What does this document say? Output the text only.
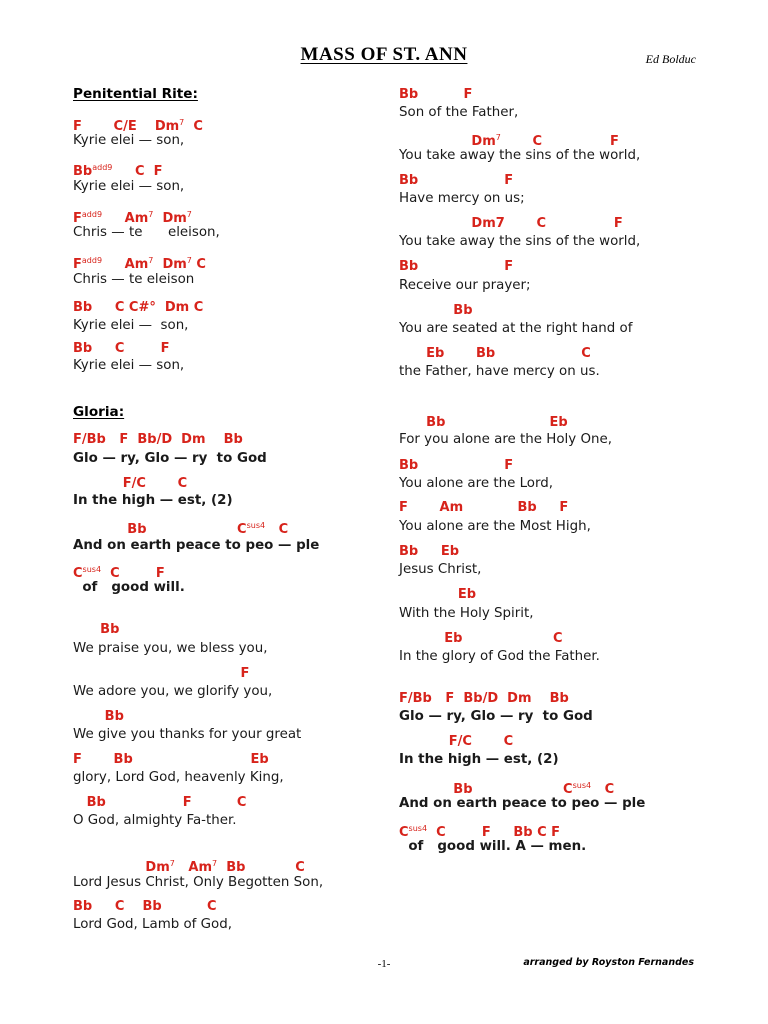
MASS OF ST. ANN	Ed Bolduc
Penitential Rite:
F       C/E    Dm$^7$  C
Kyrie elei — son,
$Bb^{add9}$     C  F
Kyrie elei — son,
$F^{add9}$     Am$^7$  Dm$^7$
Chris — te      eleison,
$F^{add9}$     Am$^7$  Dm$^7$ C
Chris — te eleison
Bb     C C#°  Dm C
Kyrie elei —  son,
Bb     C        F
Kyrie elei — son,
Gloria:
F/Bb   F  Bb/D  Dm    Bb
Glo — ry, Glo — ry  to God
F/C       C
In the high — est, (2)
Bb                    $C^{sus4}$   C
And on earth peace to peo — ple
$C^{sus4}$  C        F
of   good will.
Bb
We praise you, we bless you,
F
We adore you, we glorify you,
Bb
We give you thanks for your great
F       Bb                          Eb
glory, Lord God, heavenly King,
Bb                 F          C
O God, almighty Fa-ther.
Dm$^7$   Am$^7$  Bb           C
Lord Jesus Christ, Only Begotten Son,
Bb     C    Bb          C
Lord God, Lamb of God,
Bb          F
Son of the Father,
Dm$^7$       C               F
You take away the sins of the world,
Bb                   F
Have mercy on us;
Dm7       C               F
You take away the sins of the world,
Bb                   F
Receive our prayer;
Bb
You are seated at the right hand of
Eb       Bb                   C
the Father, have mercy on us.
Bb                       Eb
For you alone are the Holy One,
Bb                   F
You alone are the Lord,
F       Am            Bb     F
You alone are the Most High,
Bb     Eb
Jesus Christ,
Eb
With the Holy Spirit,
Eb                    C
In the glory of God the Father.
F/Bb   F  Bb/D  Dm    Bb
Glo — ry, Glo — ry  to God
F/C       C
In the high — est, (2)
Bb                    $C^{sus4}$   C
And on earth peace to peo — ple
$C^{sus4}$  C        F     Bb C F
of   good will. A — men.
-1-	arranged by Royston Fernandes
